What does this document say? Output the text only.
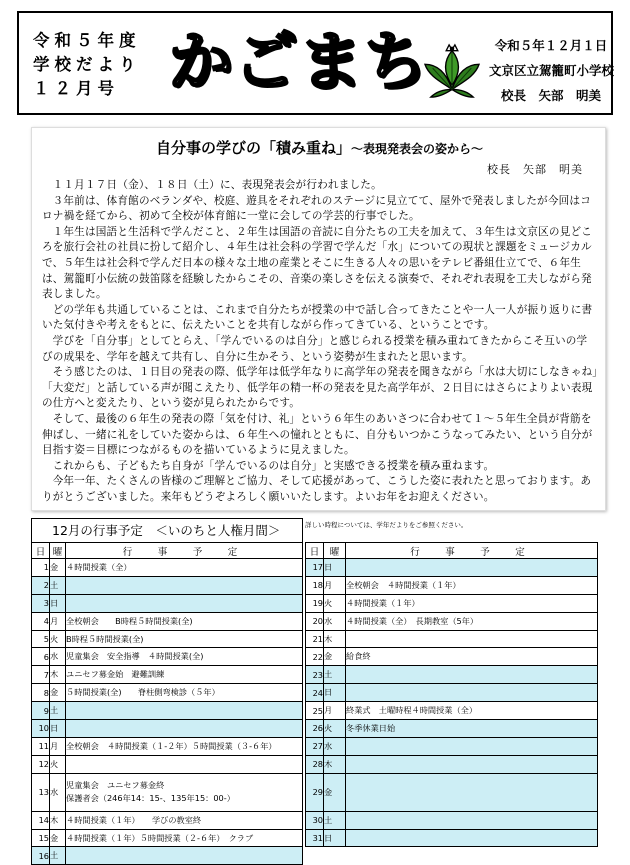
令和５年度
学校だより
１２月号 かごまち	令和５年１２月１日
文京区立駕籠町小学校
校長　矢部　明美
自分事の学びの「積み重ね」～表現発表会の姿から～
校長　矢部　明美

１１月１７日（金）、１８日（土）に、表現発表会が行われました。

３年前は、体育館のベランダや、校庭、遊具をそれぞれのステージに見立てて、屋外で発表しましたが今回はコロナ禍を経てから、初めて全校が体育館に一堂に会しての学芸的行事でした。

１年生は国語と生活科で学んだこと、２年生は国語の音読に自分たちの工夫を加えて、３年生は文京区の見どころを旅行会社の社員に扮して紹介し、４年生は社会科の学習で学んだ「水」についての現状と課題をミュージカルで、５年生は社会科で学んだ日本の様々な土地の産業とそこに生きる人々の思いをテレビ番組仕立てで、６年生は、駕籠町小伝統の鼓笛隊を経験したからこその、音楽の楽しさを伝える演奏で、それぞれ表現を工夫しながら発表しました。

どの学年も共通していることは、これまで自分たちが授業の中で話し合ってきたことや一人一人が振り返りに書いた気付きや考えをもとに、伝えたいことを共有しながら作ってきている、ということです。

学びを「自分事」としてとらえ、「学んでいるのは自分」と感じられる授業を積み重ねてきたからこそ互いの学びの成果を、学年を越えて共有し、自分に生かそう、という姿勢が生まれたと思います。

そう感じたのは、１日目の発表の際、低学年は低学年なりに高学年の発表を聞きながら「水は大切にしなきゃね」「大変だ」と話している声が聞こえたり、低学年の精一杯の発表を見た高学年が、２日目にはさらによりよい表現の仕方へと変えたり、という姿が見られたからです。

そして、最後の６年生の発表の際「気を付け、礼」という６年生のあいさつに合わせて１～５年生全員が背筋を伸ばし、一緒に礼をしていた姿からは、６年生への憧れとともに、自分もいつかこうなってみたい、という自分が目指す姿＝目標につながるものを描いているように見えました。

これからも、子どもたち自身が「学んでいるのは自分」と実感できる授業を積み重ねます。

今年一年、たくさんの皆様のご理解とご協力、そして応援があって、こうした姿に表れたと思っております。ありがとうございました。来年もどうぞよろしく願いいたします。よいお年をお迎えください。

12月の行事予定　＜いのちと人権月間＞	詳しい時程については、学年だよりをご参照ください。
日	曜	行　事　予　定
1	金	４時間授業（全）
2	土	
3	日	
4	月	全校朝会　　B時程５時間授業(全)
5	火	B時程５時間授業(全)
6	水	児童集会　安全指導　４時間授業(全)
7	木	ユニセフ募金始　避難訓練
8	金	５時間授業(全)　　脊柱側弯検診（５年）
9	土	
10	日	
11	月	全校朝会　４時間授業（１-２年）５時間授業（３-６年）
12	火	
13	水	児童集会　ユニセフ募金終
保護者会（246年14：15-、135年15：00-）

14	木	４時間授業（１年）　　学びの教室終
15	金	４時間授業（１年）５時間授業（２-６年）　クラブ
16	土	
日	曜	行　事　予　定
17	日	
18	月	全校朝会　４時間授業（１年）
19	火	４時間授業（１年）
20	水	４時間授業（全）　長期教室（5年）
21	木	
22	金	給食終
23	土	
24	日	
25	月	終業式　土曜時程４時間授業（全）
26	火	冬季休業日始
27	水	
28	木	
29	金	
30	土	
31	日	
